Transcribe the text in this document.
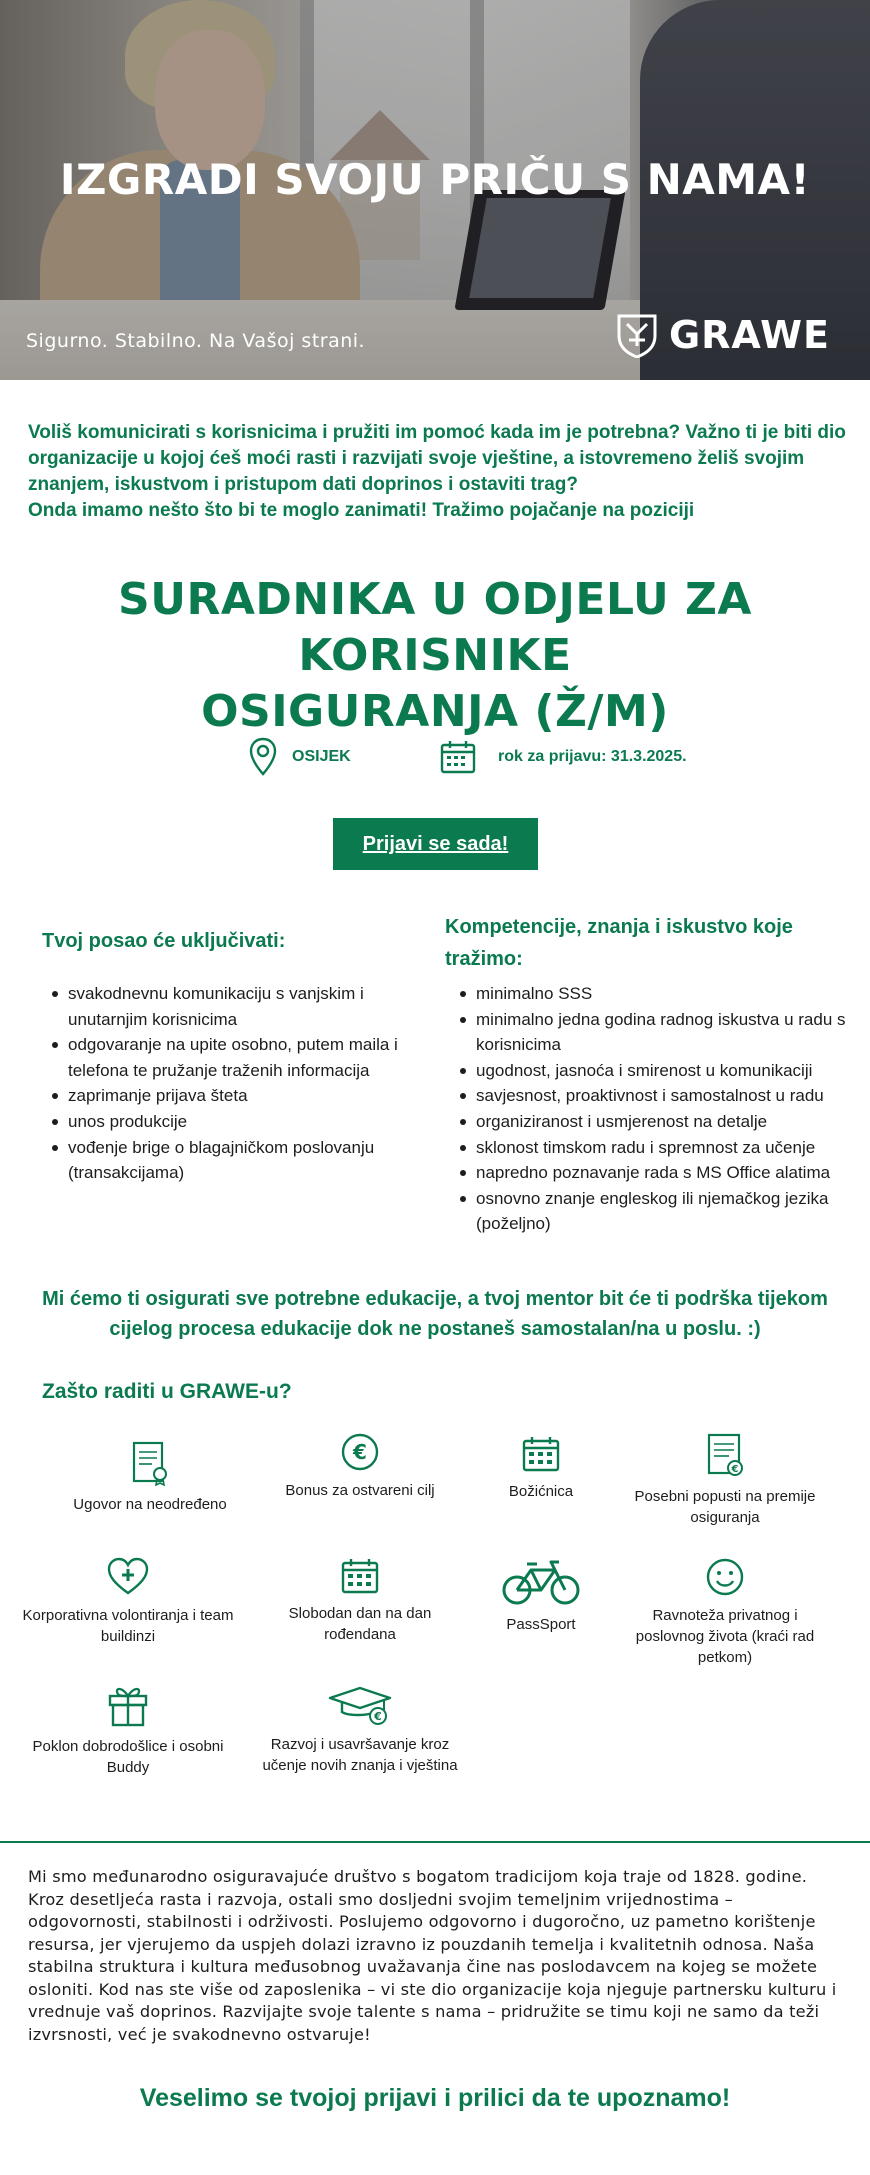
IZGRADI SVOJU PRIČU S NAMA!
Sigurno. Stabilno. Na Vašoj strani.	GRAWE

Voliš komunicirati s korisnicima i pružiti im pomoć kada im je potrebna? Važno ti je biti dio organizacije u kojoj ćeš moći rasti i razvijati svoje vještine, a istovremeno želiš svojim znanjem, iskustvom i pristupom dati doprinos i ostaviti trag?

Onda imamo nešto što bi te moglo zanimati! Tražimo pojačanje na poziciji

SURADNIKA U ODJELU ZA KORISNIKE
OSIGURANJA (Ž/M)
OSIJEK	rok za prijavu: 31.3.2025.
Prijavi se sada!
Tvoj posao će uključivati:
svakodnevnu komunikaciju s vanjskim i unutarnjim korisnicima
odgovaranje na upite osobno, putem maila i telefona te pružanje traženih informacija
zaprimanje prijava šteta
unos produkcije
vođenje brige o blagajničkom poslovanju (transakcijama)
Kompetencije, znanja i iskustvo koje tražimo:
minimalno SSS
minimalno jedna godina radnog iskustva u radu s korisnicima
ugodnost, jasnoća i smirenost u komunikaciji
savjesnost, proaktivnost i samostalnost u radu
organiziranost i usmjerenost na detalje
sklonost timskom radu i spremnost za učenje
napredno poznavanje rada s MS Office alatima
osnovno znanje engleskog ili njemačkog jezika (poželjno)
Mi ćemo ti osigurati sve potrebne edukacije, a tvoj mentor bit će ti podrška tijekom cijelog procesa edukacije dok ne postaneš samostalan/na u poslu. :)
Zašto raditi u GRAWE-u?
Ugovor na neodređeno
€
Bonus za ostvareni cilj	Božićnica
€
Posebni popusti na premije osiguranja
Korporativna volontiranja i team buildinzi
Slobodan dan na dan rođendana
PassSport
Ravnoteža privatnog i poslovnog života (kraći rad petkom)
Poklon dobrodošlice i osobni Buddy
€
Razvoj i usavršavanje kroz učenje novih znanja i vještina
Mi smo međunarodno osiguravajuće društvo s bogatom tradicijom koja traje od 1828. godine. Kroz desetljeća rasta i razvoja, ostali smo dosljedni svojim temeljnim vrijednostima – odgovornosti, stabilnosti i održivosti. Poslujemo odgovorno i dugoročno, uz pametno korištenje resursa, jer vjerujemo da uspjeh dolazi izravno iz pouzdanih temelja i kvalitetnih odnosa. Naša stabilna struktura i kultura međusobnog uvažavanja čine nas poslodavcem na kojeg se možete osloniti. Kod nas ste više od zaposlenika – vi ste dio organizacije koja njeguje partnersku kulturu i vrednuje vaš doprinos. Razvijajte svoje talente s nama – pridružite se timu koji ne samo da teži izvrsnosti, već je svakodnevno ostvaruje!
Veselimo se tvojoj prijavi i prilici da te upoznamo!
